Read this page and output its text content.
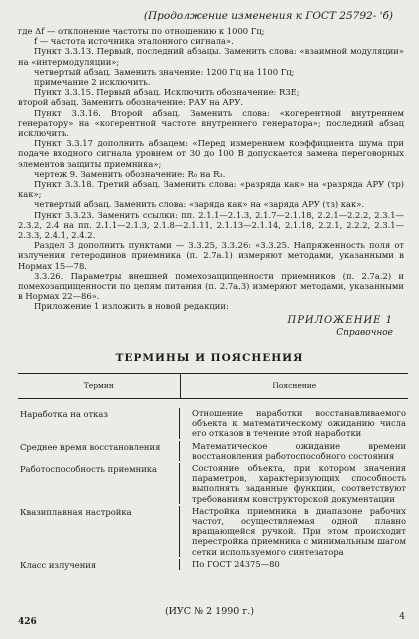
(Продолжение изменения к ГОСТ 25792- 'б)

где Δf — отклонение частоты по отношению к 1000 Гц;

f — частота источника эталонного сигнала».

Пункт 3.3.13. Первый, последний абзацы. Заменить слова: «взаимной модуляции» на «интермодуляции»;

четвертый абзац. Заменить значение: 1200 Гц на 1100 Гц;

примечание 2 исключить.

Пункт 3.3.15. Первый абзац. Исключить обозначение: R3E;

второй абзац. Заменить обозначение: РАУ на АРУ.

Пункт 3.3.16. Второй абзац. Заменить слова: «когерентной внутреннем генератору» на «когерентной частоте внутреннего генератора»; последний абзац исключить.

Пункт 3.3.17 дополнить абзацем: «Перед измерением коэффициента шума при подаче входного сигнала уровнем от 30 до 100 В допускается замена переговорных элементов защиты приемника»;

чертеж 9. Заменить обозначение: R₀ на R₃.

Пункт 3.3.18. Третий абзац. Заменить слова: «разряда как» на «разряда АРУ (τр) как»;

четвертый абзац. Заменить слова: «заряда как» на «заряда АРУ (τз) как».

Пункт 3.3.23. Заменить ссылки: пп. 2.1.1—2.1.3, 2.1.7—2.1.18, 2.2.1—2.2.2, 2.3.1—2.3.2, 2.4 на пп. 2.1.1—2.1.3, 2.1.8—2.1.11, 2.1.13—2.1.14, 2.1.18, 2.2.1, 2.2.2, 2.3.1—2.3.3, 2.4.1, 2.4.2.

Раздел 3 дополнить пунктами — 3.3.25, 3.3.26: «3.3.25. Напряженность поля от излучения гетеродинов приемника (п. 2.7а.1) измеряют методами, указанными в Нормах 15—78.

3.3.26. Параметры внешней помехозащищенности приемников (п. 2.7а.2) и помехозащищенности по цепям питания (п. 2.7а.3) измеряют методами, указанными в Нормах 22—86».

Приложение 1 изложить в новой редакции:

ПРИЛОЖЕНИЕ 1
Справочное
ТЕРМИНЫ И ПОЯСНЕНИЯ
Термин	Пояснение
Наработка на отказ	Отношение наработки восстанавливаемого объекта к математическому ожиданию числа его отказов в течение этой наработки
Среднее время восстановления	Математическое ожидание времени восстановления работоспособного состояния
Работоспособность приемника	Состояние объекта, при котором значения параметров, характеризующих способность выполнять заданные функции, соответствуют требованиям конструкторской документации
Квазиплавная настройка	Настройка приемника в диапазоне рабочих частот, осуществляемая одной плавно вращающейся ручкой. При этом происходит перестройка приемника с минимальным шагом сетки используемого синтезатора
Класс излучения	По ГОСТ 24375—80
(ИУС № 2 1990 г.)
426	4
